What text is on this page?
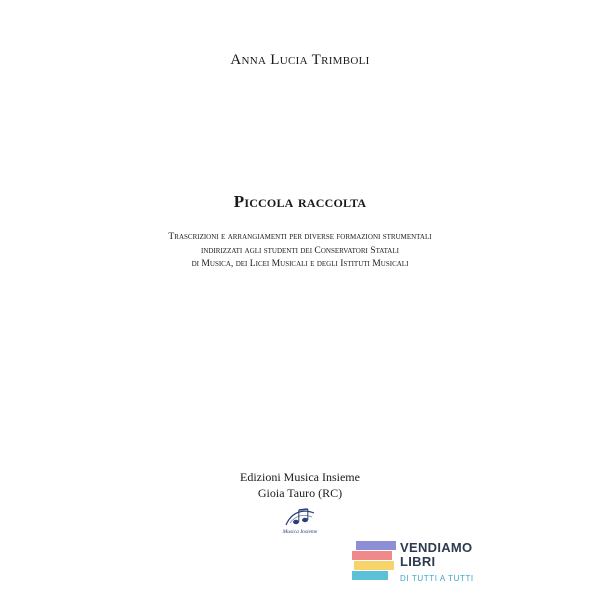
Anna Lucia Trimboli
Piccola raccolta
Trascrizioni e arrangiamenti per diverse formazioni strumentali
indirizzati agli studenti dei Conservatori Statali
di Musica, dei Licei Musicali e degli Istituti Musicali
Edizioni Musica Insieme
Gioia Tauro (RC)
Musica Insieme
VENDIAMO
LIBRI
DI TUTTI A TUTTI
